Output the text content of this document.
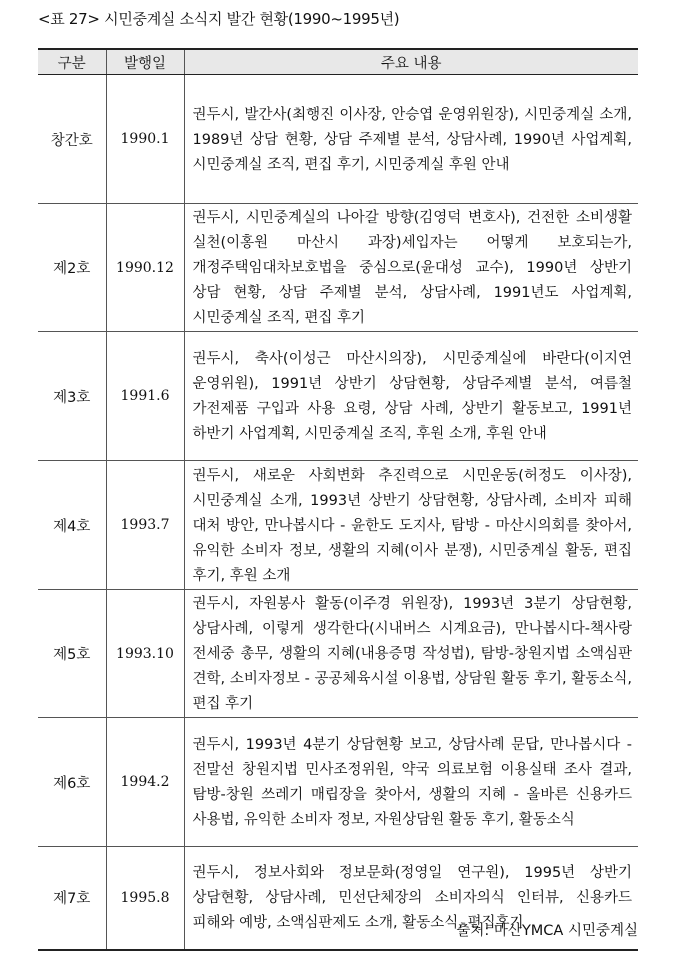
<표 27> 시민중계실 소식지 발간 현황(1990~1995년)
구분	발행일	주요 내용
창간호	1990.1	권두시, 발간사(최행진 이사장, 안승엽 운영위원장), 시민중계실 소개, 1989년 상담 현황, 상담 주제별 분석, 상담사례, 1990년 사업계획, 시민중계실 조직, 편집 후기, 시민중계실 후원 안내
제2호	1990.12	권두시, 시민중계실의 나아갈 방향(김영덕 변호사), 건전한 소비생활 실천(이홍원 마산시 과장)세입자는 어떻게 보호되는가, 개정주택임대차보호법을 중심으로(윤대성 교수), 1990년 상반기 상담 현황, 상담 주제별 분석, 상담사례, 1991년도 사업계획, 시민중계실 조직, 편집 후기
제3호	1991.6	권두시, 축사(이성근 마산시의장), 시민중계실에 바란다(이지연 운영위원), 1991년 상반기 상담현황, 상담주제별 분석, 여름철 가전제품 구입과 사용 요령, 상담 사례, 상반기 활동보고, 1991년 하반기 사업계획, 시민중계실 조직, 후원 소개, 후원 안내
제4호	1993.7	권두시, 새로운 사회변화 추진력으로 시민운동(허정도 이사장), 시민중계실 소개, 1993년 상반기 상담현황, 상담사례, 소비자 피해 대처 방안, 만나봅시다 - 윤한도 도지사, 탐방 - 마산시의회를 찾아서, 유익한 소비자 정보, 생활의 지혜(이사 분쟁), 시민중계실 활동, 편집 후기, 후원 소개
제5호	1993.10	권두시, 자원봉사 활동(이주경 위원장), 1993년 3분기 상담현황, 상담사례, 이렇게 생각한다(시내버스 시계요금), 만나봅시다-책사랑 전세중 총무, 생활의 지혜(내용증명 작성법), 탐방-창원지법 소액심판 견학, 소비자정보 - 공공체육시설 이용법, 상담원 활동 후기, 활동소식, 편집 후기
제6호	1994.2	권두시, 1993년 4분기 상담현황 보고, 상담사례 문답, 만나봅시다 - 전말선 창원지법 민사조정위원, 약국 의료보험 이용실태 조사 결과, 탐방-창원 쓰레기 매립장을 찾아서, 생활의 지혜 - 올바른 신용카드 사용법, 유익한 소비자 정보, 자원상담원 활동 후기, 활동소식
제7호	1995.8	권두시, 정보사회와 정보문화(정영일 연구원), 1995년 상반기 상담현황, 상담사례, 민선단체장의 소비자의식 인터뷰, 신용카드 피해와 예방, 소액심판제도 소개, 활동소식, 편집후기
출처: 마산YMCA 시민중계실
